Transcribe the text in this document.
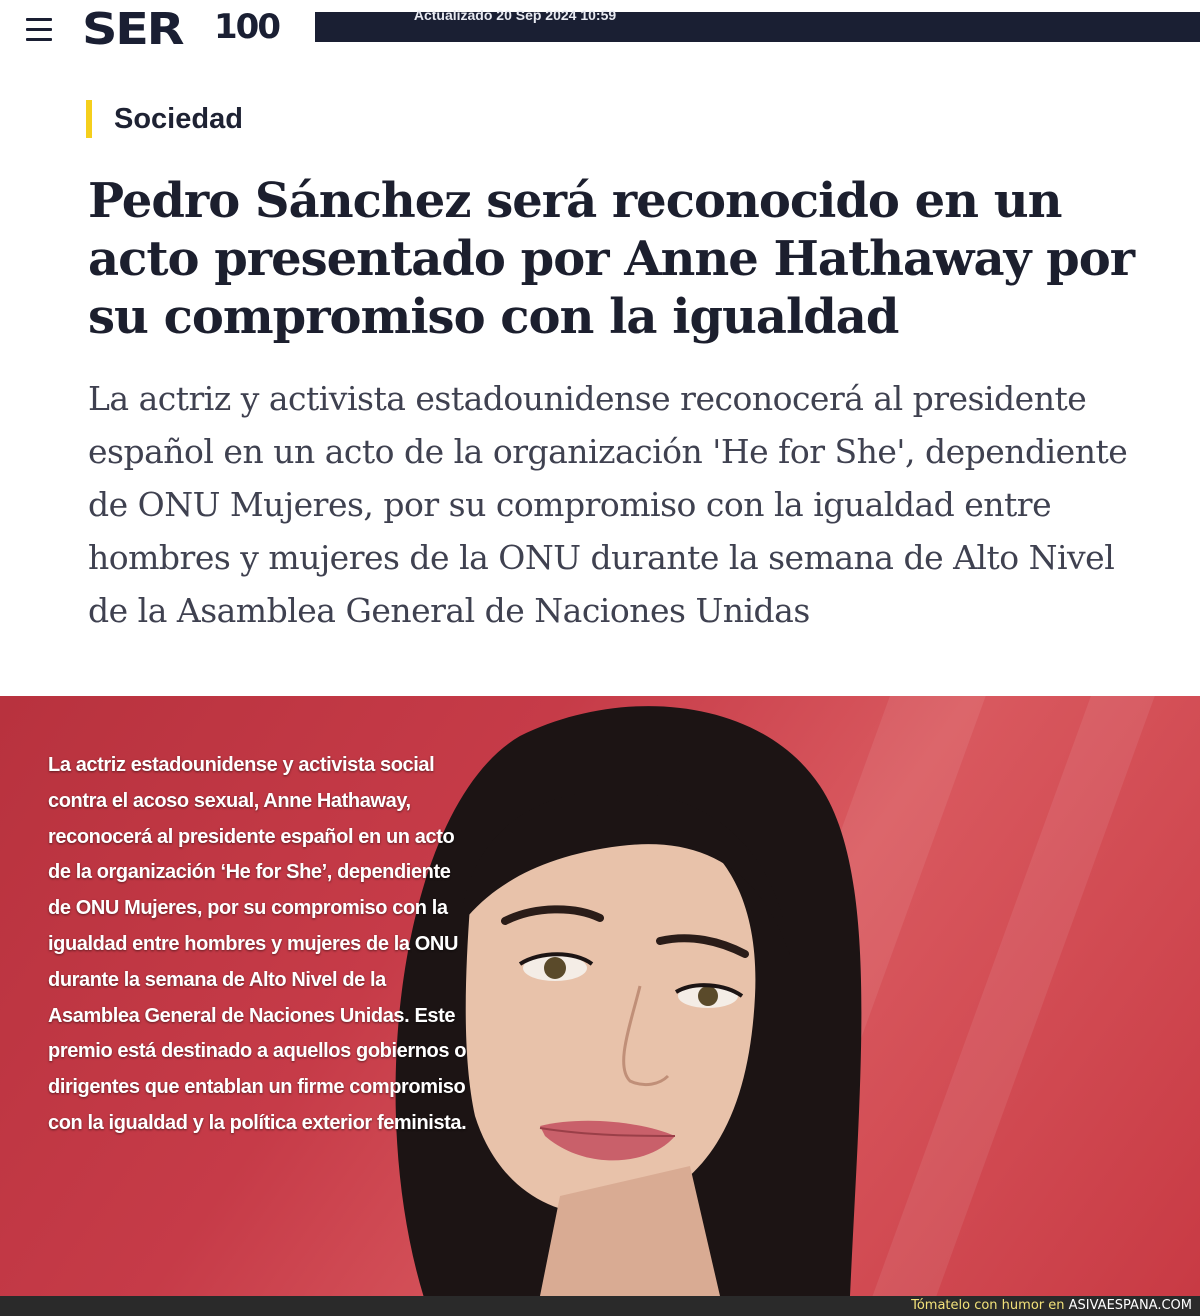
SER 100	Actualizado 20 Sep 2024 10:59
Sociedad
Pedro Sánchez será reconocido en un acto presentado por Anne Hathaway por su compromiso con la igualdad

La actriz y activista estadounidense reconocerá al presidente español en un acto de la organización 'He for She', dependiente de ONU Mujeres, por su compromiso con la igualdad entre hombres y mujeres de la ONU durante la semana de Alto Nivel de la Asamblea General de Naciones Unidas

La actriz estadounidense y activista social contra el acoso sexual, Anne Hathaway, reconocerá al presidente español en un acto de la organización ‘He for She’, dependiente de ONU Mujeres, por su compromiso con la igualdad entre hombres y mujeres de la ONU durante la semana de Alto Nivel de la Asamblea General de Naciones Unidas. Este premio está destinado a aquellos gobiernos o dirigentes que entablan un firme compromiso con la igualdad y la política exterior feminista.

Tómatelo con humor en ASIVAESPANA.COM
